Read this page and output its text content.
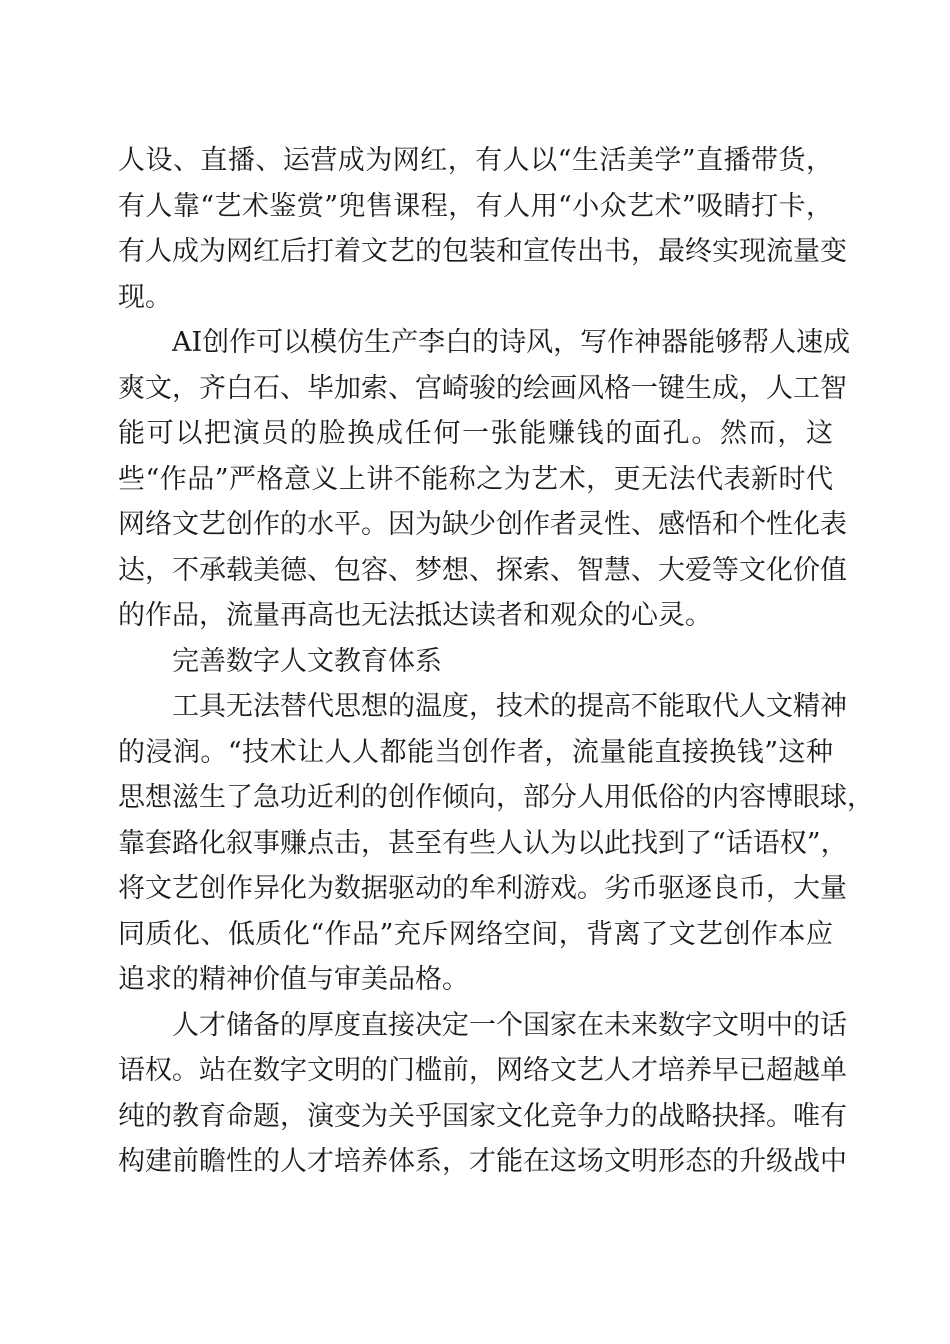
人设、直播、运营成为网红，有人以“生活美学”直播带货，
有人靠“艺术鉴赏”兜售课程，有人用“小众艺术”吸睛打卡，
有人成为网红后打着文艺的包装和宣传出书，最终实现流量变
现。
AI创作可以模仿生产李白的诗风，写作神器能够帮人速成
爽文，齐白石、毕加索、宫崎骏的绘画风格一键生成，人工智
能可以把演员的脸换成任何一张能赚钱的面孔。然而，这
些“作品”严格意义上讲不能称之为艺术，更无法代表新时代
网络文艺创作的水平。因为缺少创作者灵性、感悟和个性化表
达，不承载美德、包容、梦想、探索、智慧、大爱等文化价值
的作品，流量再高也无法抵达读者和观众的心灵。
完善数字人文教育体系
工具无法替代思想的温度，技术的提高不能取代人文精神
的浸润。“技术让人人都能当创作者，流量能直接换钱”这种
思想滋生了急功近利的创作倾向，部分人用低俗的内容博眼球，
靠套路化叙事赚点击，甚至有些人认为以此找到了“话语权”，
将文艺创作异化为数据驱动的牟利游戏。劣币驱逐良币，大量
同质化、低质化“作品”充斥网络空间，背离了文艺创作本应
追求的精神价值与审美品格。
人才储备的厚度直接决定一个国家在未来数字文明中的话
语权。站在数字文明的门槛前，网络文艺人才培养早已超越单
纯的教育命题，演变为关乎国家文化竞争力的战略抉择。唯有
构建前瞻性的人才培养体系，才能在这场文明形态的升级战中
